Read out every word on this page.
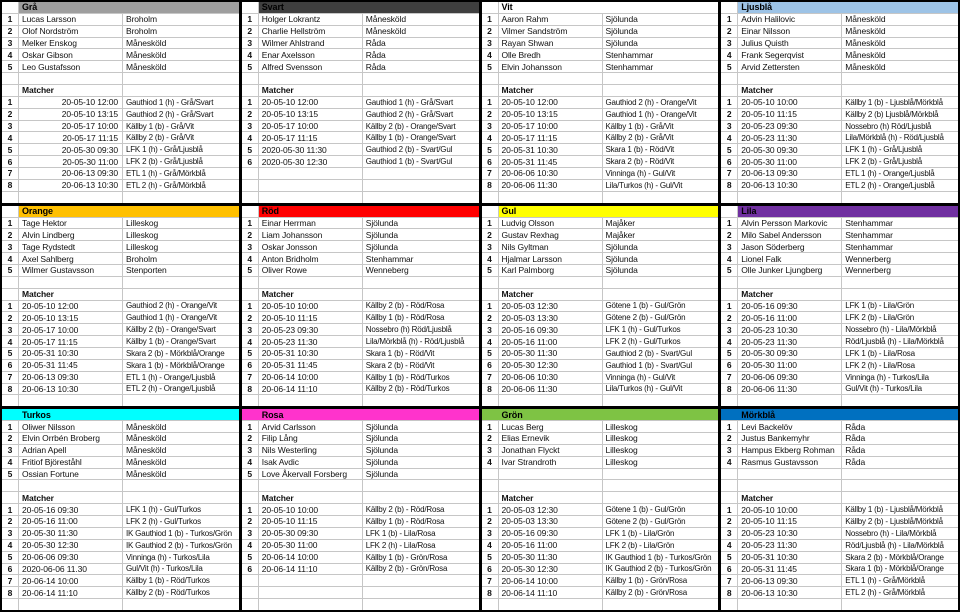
Grå
1	Lucas Larsson	Broholm
2	Olof Nordström	Broholm
3	Melker Enskog	Månesköld
4	Oskar Gibson	Månesköld
5	Leo Gustafsson	Månesköld
Matcher
1	20-05-10 12:00	Gauthiod 1 (h) - Grå/Svart
2	20-05-10 13:15	Gauthiod 2 (h) - Grå/Svart
3	20-05-17 10:00	Källby 1 (b) - Grå/Vit
4	20-05-17 11:15	Källby 2 (b) - Grå/Vit
5	20-05-30 09:30	LFK 1 (h) - Grå/Ljusblå
6	20-05-30 11:00	LFK 2 (b) - Grå/Ljusblå
7	20-06-13 09:30	ETL 1 (h) - Grå/Mörkblå
8	20-06-13 10:30	ETL 2 (h) - Grå/Mörkblå
Svart
1	Holger Lokrantz	Månesköld
2	Charlie Hellström	Månesköld
3	Wilmer Ahlstrand	Råda
4	Enar Axelsson	Råda
5	Alfred Svensson	Råda
Matcher
1	20-05-10 12:00	Gauthiod 1 (h) - Grå/Svart
2	20-05-10 13:15	Gauthiod 2 (h) - Grå/Svart
3	20-05-17 10:00	Källby 2 (b) - Orange/Svart
4	20-05-17 11:15	Källby 1 (b) - Orange/Svart
5	2020-05-30 11:30	Gauthiod 2 (b) - Svart/Gul
6	2020-05-30 12:30	Gauthiod 1 (b) - Svart/Gul
Vit
1	Aaron Rahm	Sjölunda
2	Vilmer Sandström	Sjölunda
3	Rayan Shwan	Sjölunda
4	Olle Bredh	Stenhammar
5	Elvin Johansson	Stenhammar
Matcher
1	20-05-10 12:00	Gauthiod 2 (h) - Orange/Vit
2	20-05-10 13:15	Gauthiod 1 (h) - Orange/Vit
3	20-05-17 10:00	Källby 1 (b) - Grå/Vit
4	20-05-17 11:15	Källby 2 (b) - Grå/Vit
5	20-05-31 10:30	Skara 1 (b) - Röd/Vit
6	20-05-31 11:45	Skara 2 (b) - Röd/Vit
7	20-06-06 10:30	Vinninga (h) - Gul/Vit
8	20-06-06 11:30	Lila/Turkos (h) - Gul/Vit
Ljusblå
1	Advin Halilovic	Månesköld
2	Einar Nilsson	Månesköld
3	Julius Quisth	Månesköld
4	Frank Segerqvist	Månesköld
5	Arvid Zettersten	Månesköld
Matcher
1	20-05-10 10:00	Källby 1 (b) - Ljusblå/Mörkblå
2	20-05-10 11:15	Källby 2 (b) Ljusblå/Mörkblå
3	20-05-23 09:30	Nossebro (h) Röd/Ljusblå
4	20-05-23 11:30	Lila/Mörkblå (h) - Röd/Ljusblå
5	20-05-30 09:30	LFK 1 (h) - Grå/Ljusblå
6	20-05-30 11:00	LFK 2 (b) - Grå/Ljusblå
7	20-06-13 09:30	ETL 1 (h) - Orange/Ljusblå
8	20-06-13 10:30	ETL 2 (h) - Orange/Ljusblå
Orange
1	Tage Hektor	Lilleskog
2	Alvin Lindberg	Lilleskog
3	Tage Rydstedt	Lilleskog
4	Axel Sahlberg	Broholm
5	Wilmer Gustavsson	Stenporten
Matcher
1	20-05-10 12:00	Gauthiod 2 (h) - Orange/Vit
2	20-05-10 13:15	Gauthiod 1 (h) - Orange/Vit
3	20-05-17 10:00	Källby 2 (b) - Orange/Svart
4	20-05-17 11:15	Källby 1 (b) - Orange/Svart
5	20-05-31 10:30	Skara 2 (b) - Mörkblå/Orange
6	20-05-31 11:45	Skara 1 (b) - Mörkblå/Orange
7	20-06-13 09:30	ETL 1 (h) - Orange/Ljusblå
8	20-06-13 10:30	ETL 2 (h) - Orange/Ljusblå
Röd
1	Einar Herrman	Sjölunda
2	Liam Johansson	Sjölunda
3	Oskar Jonsson	Sjölunda
4	Anton Bridholm	Stenhammar
5	Oliver Rowe	Wenneberg
Matcher
1	20-05-10 10:00	Källby 2 (b) - Röd/Rosa
2	20-05-10 11:15	Källby 1 (b) - Röd/Rosa
3	20-05-23 09:30	Nossebro (h) Röd/Ljusblå
4	20-05-23 11:30	Lila/Mörkblå (h) - Röd/Ljusblå
5	20-05-31 10:30	Skara 1 (b) - Röd/Vit
6	20-05-31 11:45	Skara 2 (b) - Röd/Vit
7	20-06-14 10:00	Källby 1 (b) - Röd/Turkos
8	20-06-14 11:10	Källby 2 (b) - Röd/Turkos
Gul
1	Ludvig Olsson	Majåker
2	Gustav Rexhag	Majåker
3	Nils Gyltman	Sjölunda
4	Hjalmar Larsson	Sjölunda
5	Karl Palmborg	Sjölunda
Matcher
1	20-05-03 12:30	Götene 1 (b) - Gul/Grön
2	20-05-03 13:30	Götene 2 (b) - Gul/Grön
3	20-05-16 09:30	LFK 1 (h) - Gul/Turkos
4	20-05-16 11:00	LFK 2 (h) - Gul/Turkos
5	20-05-30 11:30	Gauthiod 2 (b) - Svart/Gul
6	20-05-30 12:30	Gauthiod 1 (b) - Svart/Gul
7	20-06-06 10:30	Vinninga (h) - Gul/Vit
8	20-06-06 11:30	Lila/Turkos (h) - Gul/Vit
Lila
1	Alvin Persson Markovic	Stenhammar
2	Milo Sabel Andersson	Stenhammar
3	Jason Söderberg	Stenhammar
4	Lionel Falk	Wennerberg
5	Olle Junker Ljungberg	Wennerberg
Matcher
1	20-05-16 09:30	LFK 1 (b) - Lila/Grön
2	20-05-16 11:00	LFK 2 (b) - Lila/Grön
3	20-05-23 10:30	Nossebro (h) - Lila/Mörkblå
4	20-05-23 11:30	Röd/Ljusblå (h) - Lila/Mörkblå
5	20-05-30 09:30	LFK 1 (b) - Lila/Rosa
6	20-05-30 11:00	LFK 2 (h) - Lila/Rosa
7	20-06-06 09:30	Vinninga (h) - Turkos/Lila
8	20-06-06 11:30	Gul/Vit (h) - Turkos/Lila
Turkos
1	Oliwer Nilsson	Månesköld
2	Elvin Orrbén Broberg	Månesköld
3	Adrian Apell	Månesköld
4	Fritiof Björeståhl	Månesköld
5	Ossian Fortune	Månesköld
Matcher
1	20-05-16 09:30	LFK 1 (h) - Gul/Turkos
2	20-05-16 11:00	LFK 2 (h) - Gul/Turkos
3	20-05-30 11:30	IK Gauthiod 1 (b) - Turkos/Grön
4	20-05-30 12:30	IK Gauthiod 2 (b) - Turkos/Grön
5	20-06-06 09:30	Vinninga (h) - Turkos/Lila
6	2020-06-06 11.30	Gul/Vit (h) - Turkos/Lila
7	20-06-14 10:00	Källby 1 (b) - Röd/Turkos
8	20-06-14 11:10	Källby 2 (b) - Röd/Turkos
Rosa
1	Arvid Carlsson	Sjölunda
2	Filip Lång	Sjölunda
3	Nils Westerling	Sjölunda
4	Isak Avdic	Sjölunda
5	Love Åkervall Forsberg	Sjölunda
Matcher
1	20-05-10 10:00	Källby 2 (b) - Röd/Rosa
2	20-05-10 11:15	Källby 1 (b) - Röd/Rosa
3	20-05-30 09:30	LFK 1 (b) - Lila/Rosa
4	20-05-30 11:00	LFK 2 (h) - Lila/Rosa
5	20-06-14 10:00	Källby 1 (b) - Grön/Rosa
6	20-06-14 11:10	Källby 2 (b) - Grön/Rosa
Grön
1	Lucas Berg	Lilleskog
2	Elias Ernevik	Lilleskog
3	Jonathan Flyckt	Lilleskog
4	Ivar Strandroth	Lilleskog
Matcher
1	20-05-03 12:30	Götene 1 (b) - Gul/Grön
2	20-05-03 13:30	Götene 2 (b) - Gul/Grön
3	20-05-16 09:30	LFK 1 (b) - Lila/Grön
4	20-05-16 11:00	LFK 2 (b) - Lila/Grön
5	20-05-30 11:30	IK Gauthiod 1 (b) - Turkos/Grön
6	20-05-30 12:30	IK Gauthiod 2 (b) - Turkos/Grön
7	20-06-14 10:00	Källby 1 (b) - Grön/Rosa
8	20-06-14 11:10	Källby 2 (b) - Grön/Rosa
Mörkblå
1	Levi Backelöv	Råda
2	Justus Bankemyhr	Råda
3	Hampus Ekberg Rohman	Råda
4	Rasmus Gustavsson	Råda
Matcher
1	20-05-10 10:00	Källby 1 (b) - Ljusblå/Mörkblå
2	20-05-10 11:15	Källby 2 (b) - Ljusblå/Mörkblå
3	20-05-23 10:30	Nossebro (h) - Lila/Mörkblå
4	20-05-23 11:30	Röd/Ljusblå (h) - Lila/Mörkblå
5	20-05-31 10:30	Skara 2 (b) - Mörkblå/Orange
6	20-05-31 11:45	Skara 1 (b) - Mörkblå/Orange
7	20-06-13 09:30	ETL 1 (h) - Grå/Mörkblå
8	20-06-13 10:30	ETL 2 (h) - Grå/Mörkblå
